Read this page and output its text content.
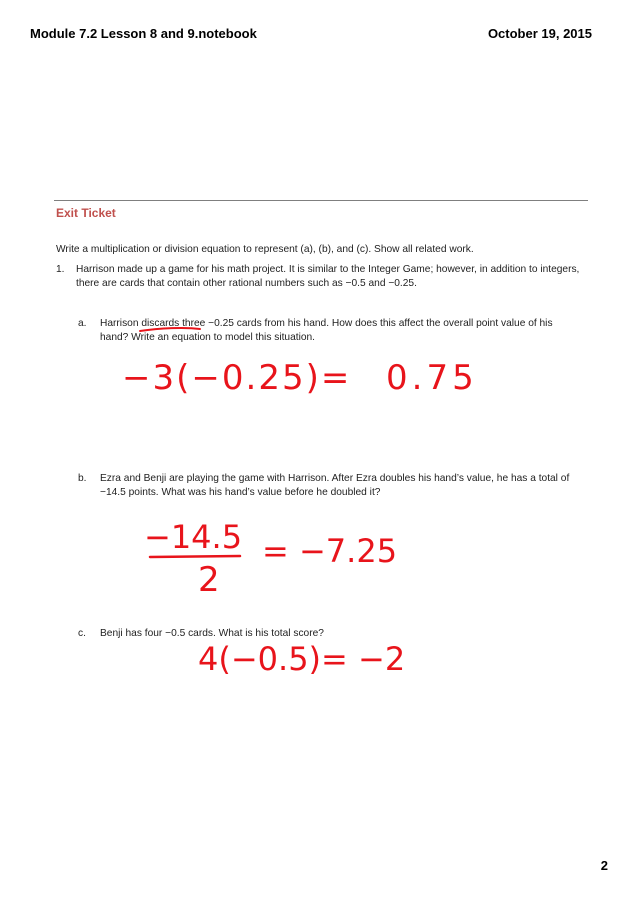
Module 7.2 Lesson 8 and 9.notebook	October 19, 2015
Exit Ticket
Write a multiplication or division equation to represent (a), (b), and (c). Show all related work.
1. Harrison made up a game for his math project. It is similar to the Integer Game; however, in addition to integers, there are cards that contain other rational numbers such as −0.5 and −0.25.
a. Harrison discards three −0.25 cards from his hand. How does this affect the overall point value of his hand? Write an equation to model this situation.
b. Ezra and Benji are playing the game with Harrison. After Ezra doubles his hand’s value, he has a total of −14.5 points. What was his hand’s value before he doubled it?
c. Benji has four −0.5 cards. What is his total score?
−3(−0.25)= 0.75
−14.5
2
= −7.25
4(−0.5)= −2
2
